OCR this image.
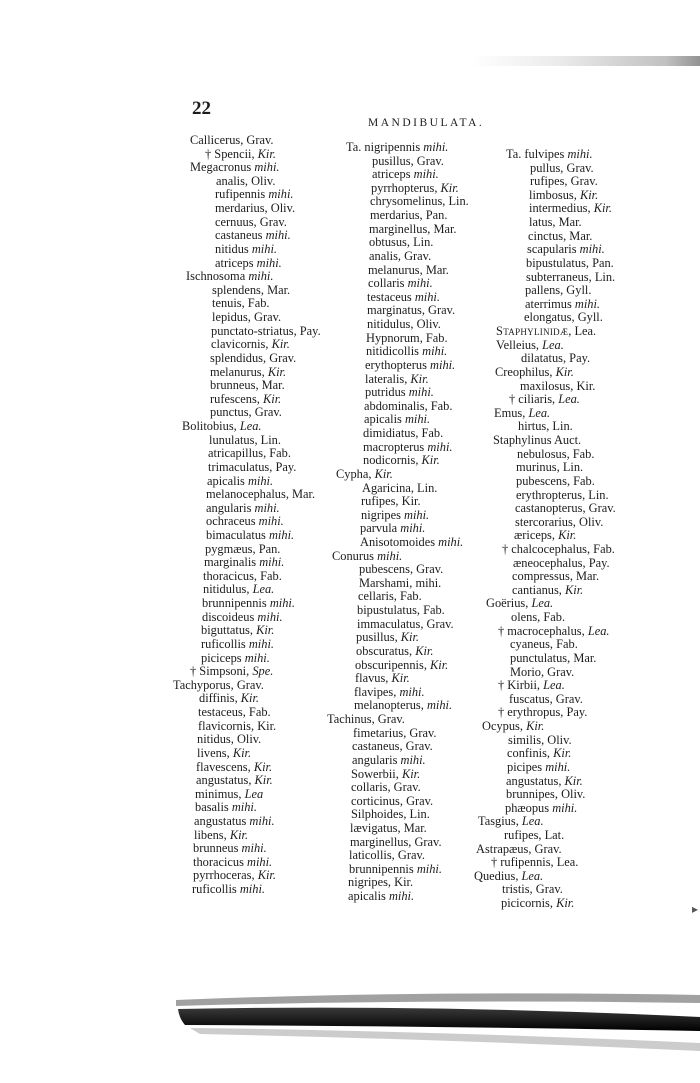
22
MANDIBULATA.
Callicerus, Grav.
† Spencii, Kir.
Megacronus mihi.
analis, Oliv.
rufipennis mihi.
merdarius, Oliv.
cernuus, Grav.
castaneus mihi.
nitidus mihi.
atriceps mihi.
Ischnosoma mihi.
splendens, Mar.
tenuis, Fab.
lepidus, Grav.
punctato-striatus, Pay.
clavicornis, Kir.
splendidus, Grav.
melanurus, Kir.
brunneus, Mar.
rufescens, Kir.
punctus, Grav.
Bolitobius, Lea.
lunulatus, Lin.
atricapillus, Fab.
trimaculatus, Pay.
apicalis mihi.
melanocephalus, Mar.
angularis mihi.
ochraceus mihi.
bimaculatus mihi.
pygmæus, Pan.
marginalis mihi.
thoracicus, Fab.
nitidulus, Lea.
brunnipennis mihi.
discoideus mihi.
biguttatus, Kir.
ruficollis mihi.
piciceps mihi.
† Simpsoni, Spe.
Tachyporus, Grav.
diffinis, Kir.
testaceus, Fab.
flavicornis, Kir.
nitidus, Oliv.
livens, Kir.
flavescens, Kir.
angustatus, Kir.
minimus, Lea
basalis mihi.
angustatus mihi.
libens, Kir.
brunneus mihi.
thoracicus mihi.
pyrrhoceras, Kir.
ruficollis mihi.
Ta. nigripennis mihi.
pusillus, Grav.
atriceps mihi.
pyrrhopterus, Kir.
chrysomelinus, Lin.
merdarius, Pan.
marginellus, Mar.
obtusus, Lin.
analis, Grav.
melanurus, Mar.
collaris mihi.
testaceus mihi.
marginatus, Grav.
nitidulus, Oliv.
Hypnorum, Fab.
nitidicollis mihi.
erythopterus mihi.
lateralis, Kir.
putridus mihi.
abdominalis, Fab.
apicalis mihi.
dimidiatus, Fab.
macropterus mihi.
nodicornis, Kir.
Cypha, Kir.
Agaricina, Lin.
rufipes, Kir.
nigripes mihi.
parvula mihi.
Anisotomoides mihi.
Conurus mihi.
pubescens, Grav.
Marshami, mihi.
cellaris, Fab.
bipustulatus, Fab.
immaculatus, Grav.
pusillus, Kir.
obscuratus, Kir.
obscuripennis, Kir.
flavus, Kir.
flavipes, mihi.
melanopterus, mihi.
Tachinus, Grav.
fimetarius, Grav.
castaneus, Grav.
angularis mihi.
Sowerbii, Kir.
collaris, Grav.
corticinus, Grav.
Silphoides, Lin.
lævigatus, Mar.
marginellus, Grav.
laticollis, Grav.
brunnipennis mihi.
nigripes, Kir.
apicalis mihi.
Ta. fulvipes mihi.
pullus, Grav.
rufipes, Grav.
limbosus, Kir.
intermedius, Kir.
latus, Mar.
cinctus, Mar.
scapularis mihi.
bipustulatus, Pan.
subterraneus, Lin.
pallens, Gyll.
aterrimus mihi.
elongatus, Gyll.
Staphylinidæ, Lea.
Velleius, Lea.
dilatatus, Pay.
Creophilus, Kir.
maxilosus, Kir.
† ciliaris, Lea.
Emus, Lea.
hirtus, Lin.
Staphylinus Auct.
nebulosus, Fab.
murinus, Lin.
pubescens, Fab.
erythropterus, Lin.
castanopterus, Grav.
stercorarius, Oliv.
æriceps, Kir.
† chalcocephalus, Fab.
æneocephalus, Pay.
compressus, Mar.
cantianus, Kir.
Goërius, Lea.
olens, Fab.
† macrocephalus, Lea.
cyaneus, Fab.
punctulatus, Mar.
Morio, Grav.
† Kirbii, Lea.
fuscatus, Grav.
† erythropus, Pay.
Ocypus, Kir.
similis, Oliv.
confinis, Kir.
picipes mihi.
angustatus, Kir.
brunnipes, Oliv.
phæopus mihi.
Tasgius, Lea.
rufipes, Lat.
Astrapæus, Grav.
† rufipennis, Lea.
Quedius, Lea.
tristis, Grav.
picicornis, Kir.	▸
